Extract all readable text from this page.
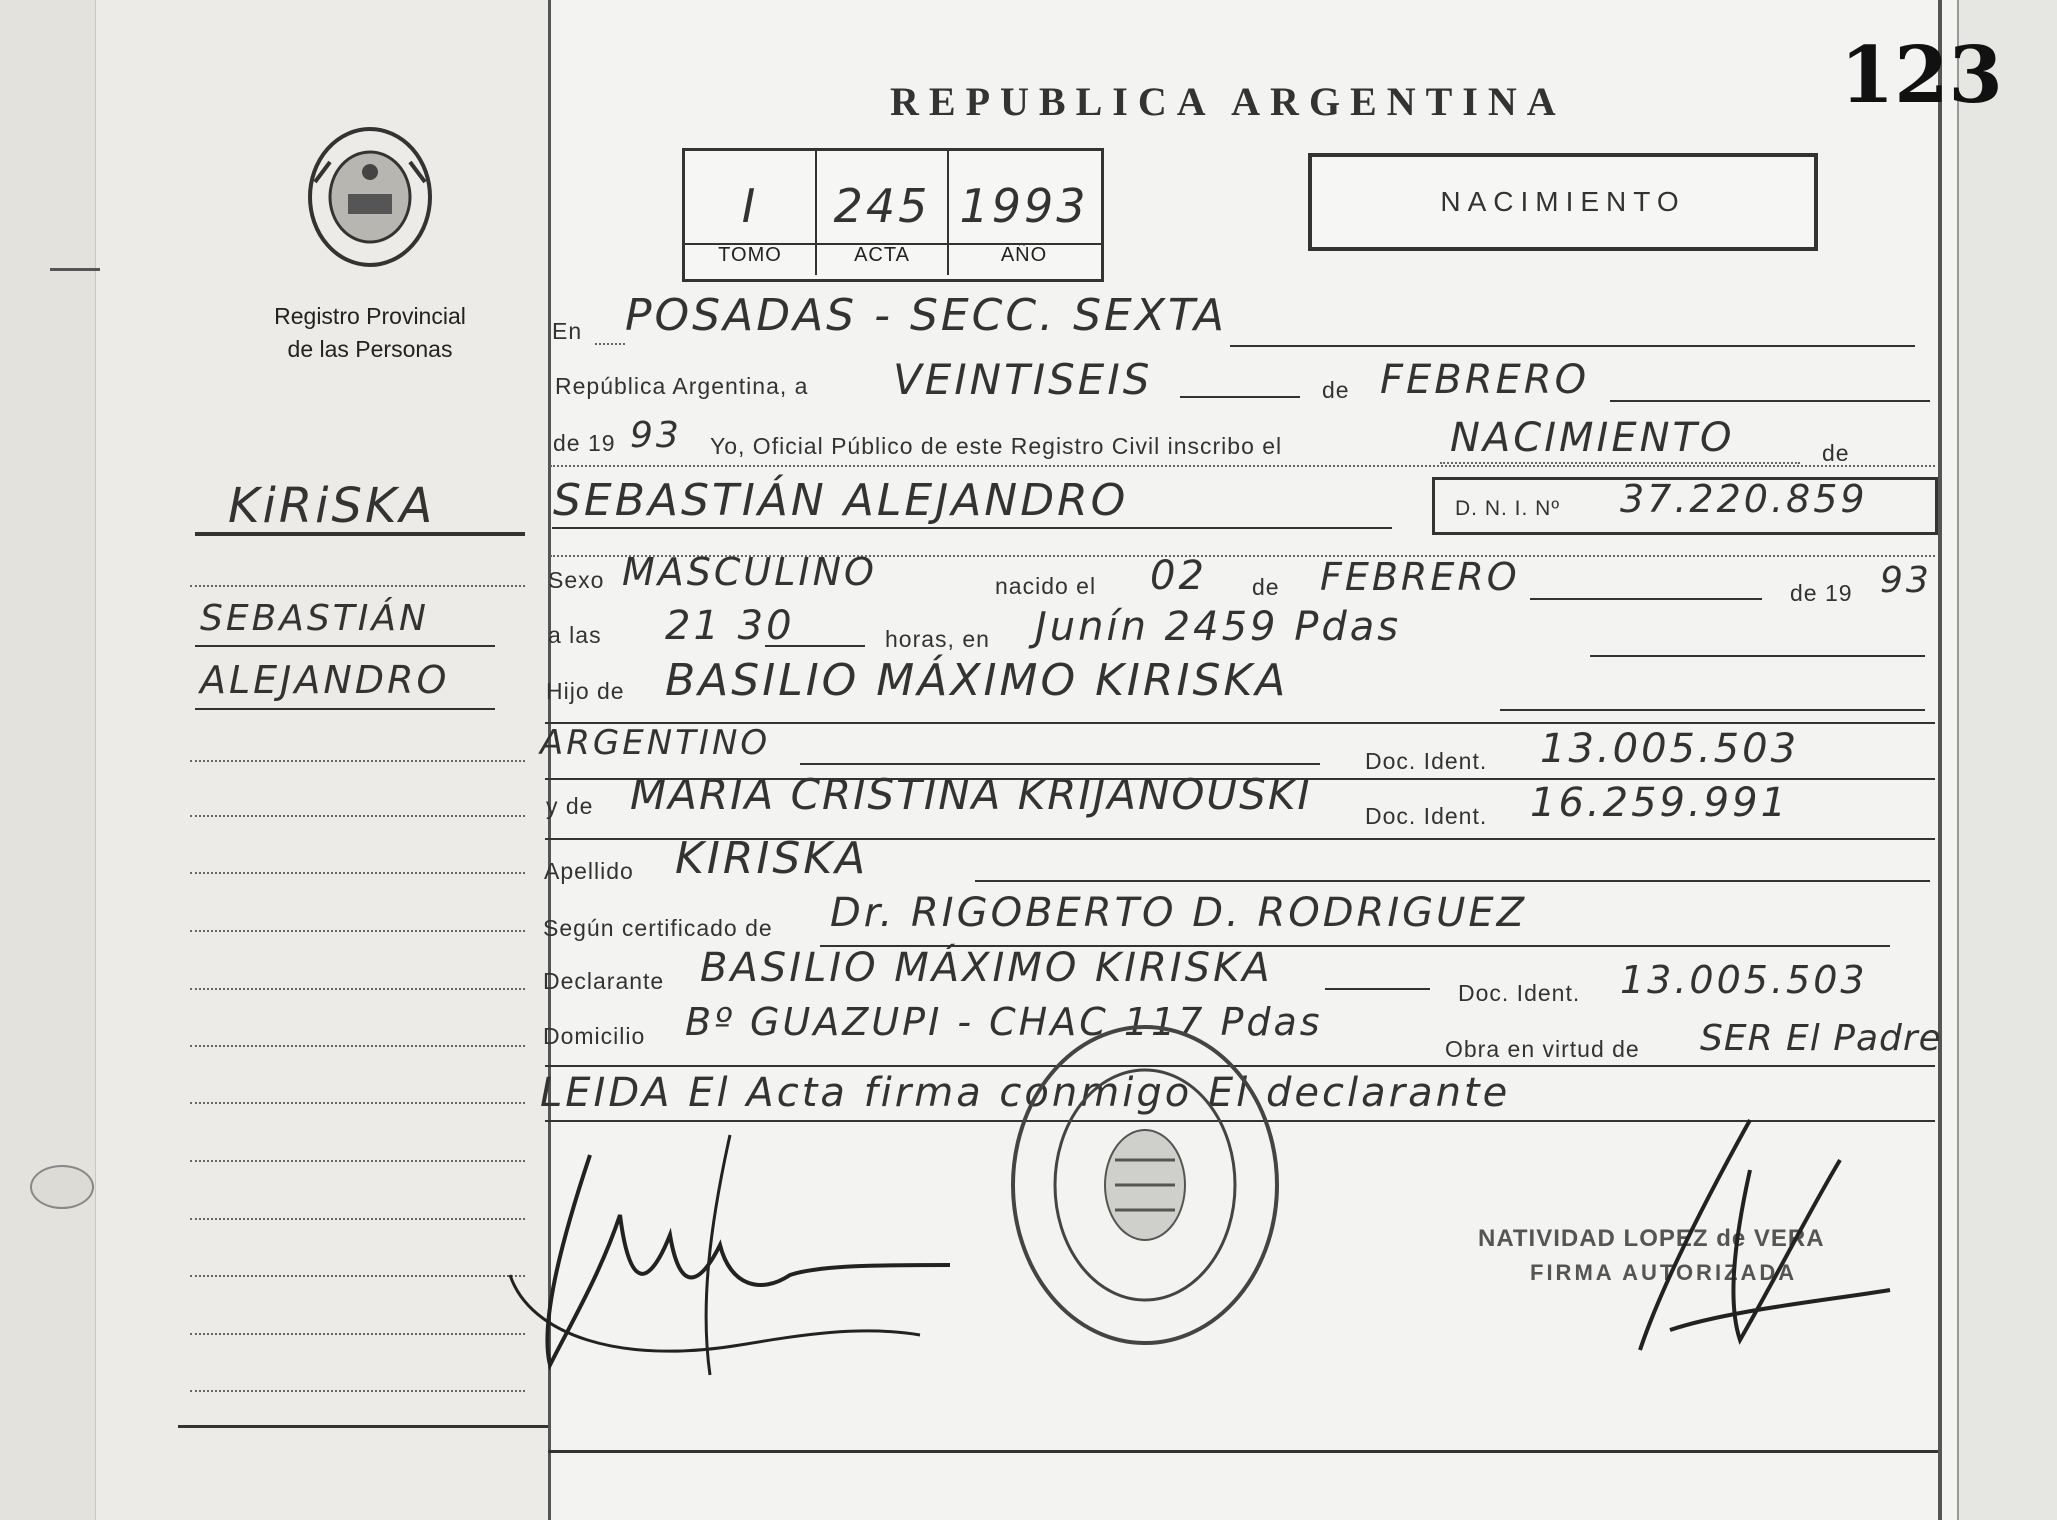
Registro Provincial
de las Personas
KiRiSKA
SEBASTIÁN
ALEJANDRO
123
REPUBLICA ARGENTINA
I
TOMO
245
ACTA
1993
AÑO
NACIMIENTO
En POSADAS - SECC. SEXTA
República Argentina, a VEINTISEIS	de FEBRERO
de 19 93 Yo, Oficial Público de este Registro Civil inscribo el	NACIMIENTO	de
SEBASTIÁN ALEJANDRO	D. N. I. Nº 37.220.859
Sexo MASCULINO	nacido el 02 de FEBRERO	de 19 93
a las 21 30	horas, en Junín 2459 Pdas
Hijo de BASILIO MÁXIMO KIRISKA
ARGENTINO	Doc. Ident. 13.005.503
y de MARIA CRISTINA KRIJANOUSKI Doc. Ident. 16.259.991
Apellido KIRISKA
Según certificado de Dr. RIGOBERTO D. RODRIGUEZ
Declarante BASILIO MÁXIMO KIRISKA
Doc. Ident. 13.005.503
Domicilio Bº GUAZUPI - CHAC 117 Pdas
Obra en virtud de SER El Padre
LEIDA El Acta firma conmigo El declarante
NATIVIDAD LOPEZ de VERA
FIRMA AUTORIZADA
